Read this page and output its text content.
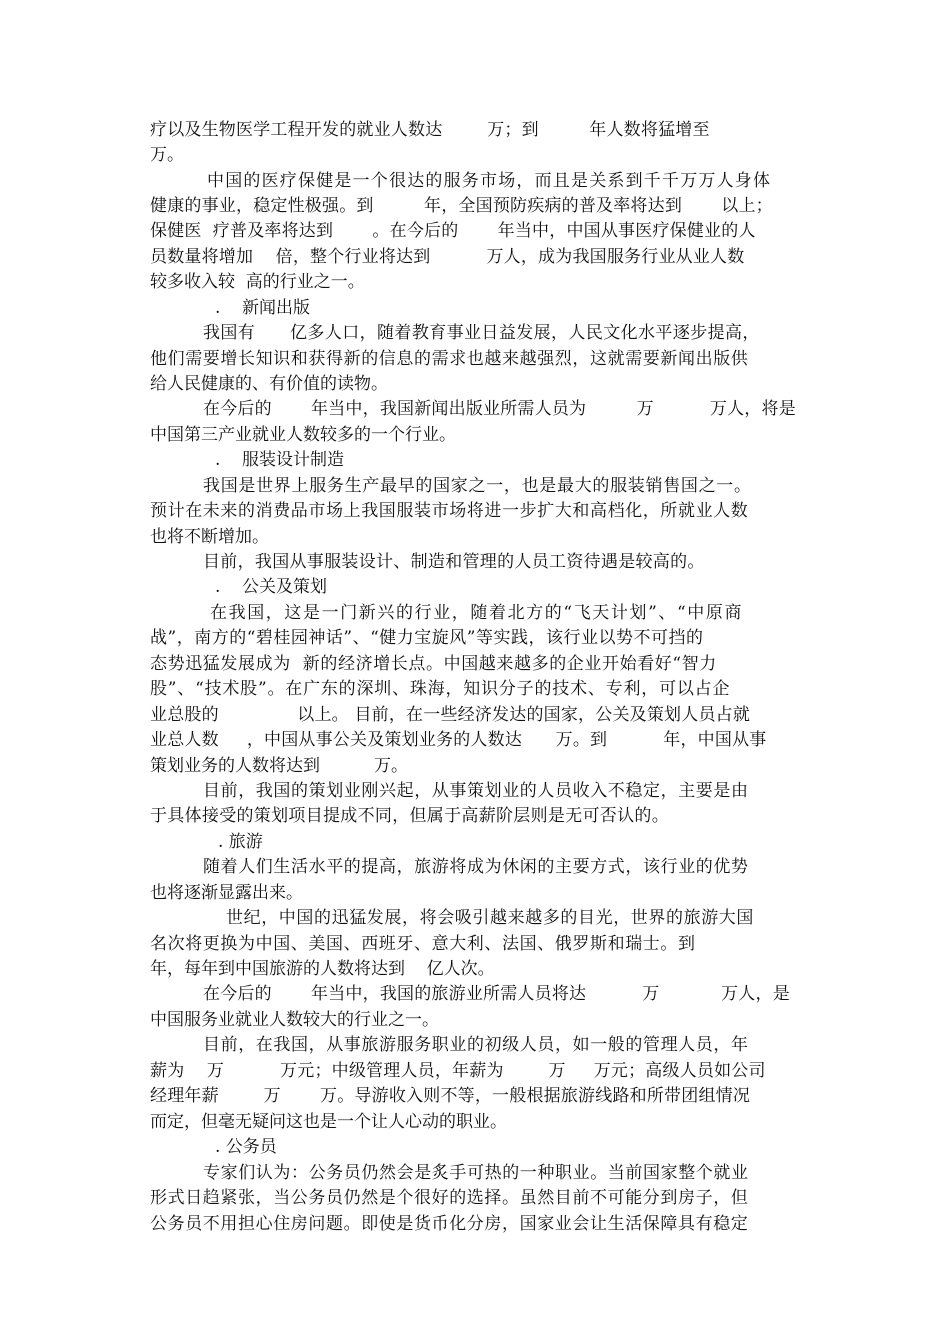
疗以及生物医学工程开发的就业人数达        万；到         年人数将猛增至
万。
中国的医疗保健是一个很达的服务市场，而且是关系到千千万万人身体
健康的事业，稳定性极强。到         年，全国预防疾病的普及率将达到       以上；
保健医  疗普及率将达到       。在今后的       年当中，中国从事医疗保健业的人
员数量将增加    倍，整个行业将达到          万人，成为我国服务行业从业人数
较多收入较  高的行业之一。
.    新闻出版
我国有      亿多人口，随着教育事业日益发展，人民文化水平逐步提高，
他们需要增长知识和获得新的信息的需求也越来越强烈，这就需要新闻出版供
给人民健康的、有价值的读物。
在今后的       年当中，我国新闻出版业所需人员为         万          万人，将是
中国第三产业就业人数较多的一个行业。
.    服装设计制造
我国是世界上服务生产最早的国家之一，也是最大的服装销售国之一。
预计在未来的消费品市场上我国服装市场将进一步扩大和高档化，所就业人数
也将不断增加。
目前，我国从事服装设计、制造和管理的人员工资待遇是较高的。
.    公关及策划
在我国，这是一门新兴的行业，随着北方的“飞天计划”、“中原商
战”，南方的“碧桂园神话”、“健力宝旋风”等实践，该行业以势不可挡的
态势迅猛发展成为  新的经济增长点。中国越来越多的企业开始看好“智力
股”、“技术股”。在广东的深圳、珠海，知识分子的技术、专利，可以占企
业总股的              以上。 目前，在一些经济发达的国家，公关及策划人员占就
业总人数     ，中国从事公关及策划业务的人数达      万。到          年，中国从事
策划业务的人数将达到          万。
目前，我国的策划业刚兴起，从事策划业的人员收入不稳定，主要是由
于具体接受的策划项目提成不同，但属于高薪阶层则是无可否认的。
. 旅游
随着人们生活水平的提高，旅游将成为休闲的主要方式，该行业的优势
也将逐渐显露出来。
世纪，中国的迅猛发展，将会吸引越来越多的目光，世界的旅游大国
名次将更换为中国、美国、西班牙、意大利、法国、俄罗斯和瑞士。到
年，每年到中国旅游的人数将达到    亿人次。
在今后的       年当中，我国的旅游业所需人员将达          万           万人，是
中国服务业就业人数较大的行业之一。
目前，在我国，从事旅游服务职业的初级人员，如一般的管理人员，年
薪为    万          万元；中级管理人员，年薪为        万     万元；高级人员如公司
经理年薪        万       万。导游收入则不等，一般根据旅游线路和所带团组情况
而定，但毫无疑问这也是一个让人心动的职业。
. 公务员
专家们认为：公务员仍然会是炙手可热的一种职业。当前国家整个就业
形式日趋紧张，当公务员仍然是个很好的选择。虽然目前不可能分到房子，但
公务员不用担心住房问题。即使是货币化分房，国家业会让生活保障具有稳定
